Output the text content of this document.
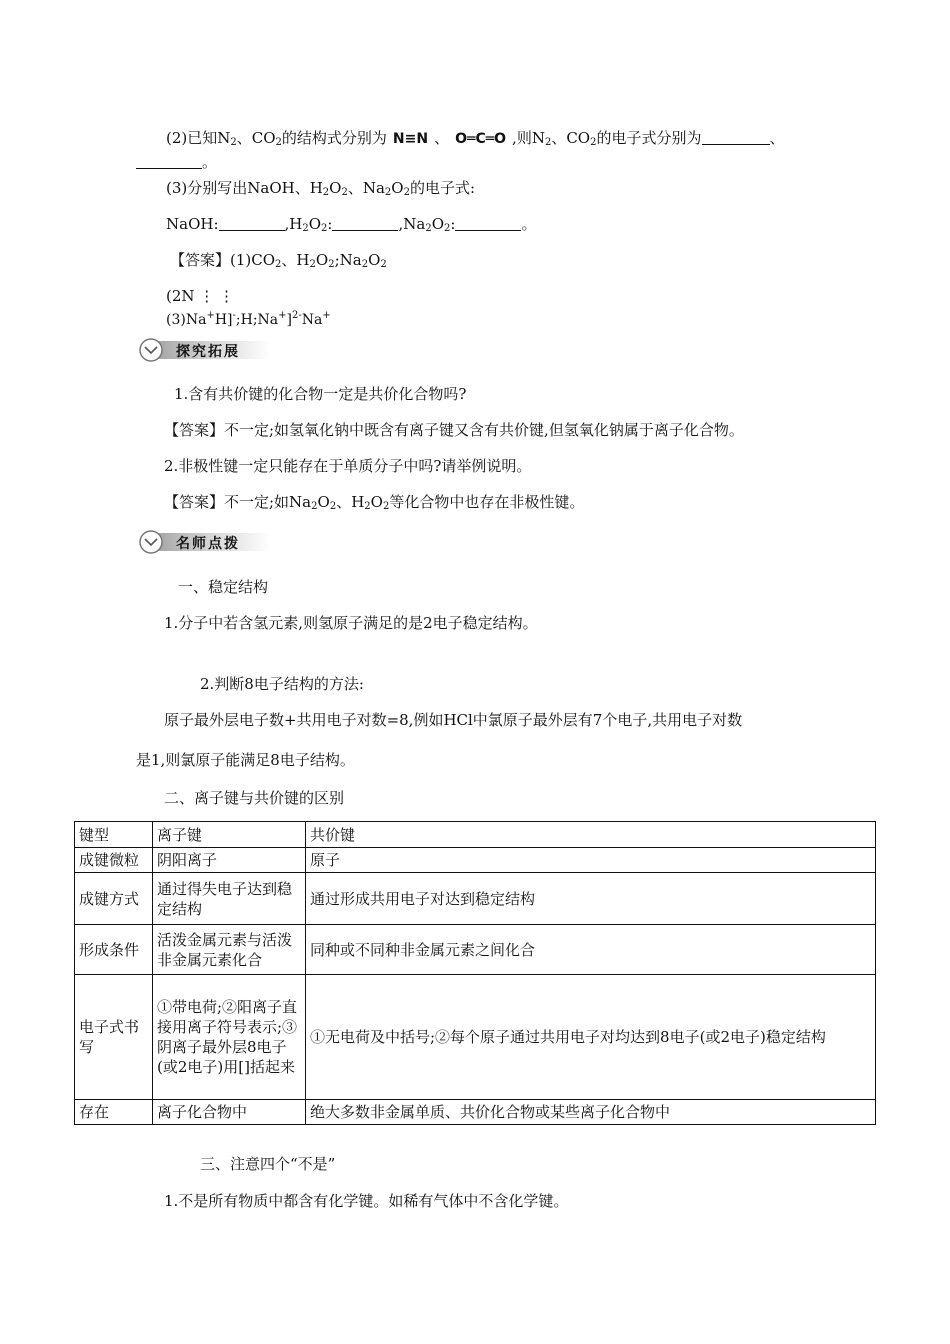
(2)已知$N_2$、$CO_2$的结构式分别为 N≡N 、 O═C═O ,则$N_2$、$CO_2$的电子式分别为	、
。
(3)分别写出NaOH、$H_2O_2$、$Na_2O_2$的电子式:
NaOH:	$,H_2O_2$:	$,Na_2O_2$:	。
【答案】$(1)CO_2$、$H_2O_2;Na_2O_2$
(2N ⋮ ⋮
(3)Na+H]-;H;Na+]$^{2-}$Na+
探究拓展
1.含有共价键的化合物一定是共价化合物吗?
【答案】不一定;如氢氧化钠中既含有离子键又含有共价键,但氢氧化钠属于离子化合物。
2.非极性键一定只能存在于单质分子中吗?请举例说明。
【答案】不一定;如$Na_2O_2$、$H_2O_2$等化合物中也存在非极性键。
名师点拨
一、稳定结构
1.分子中若含氢元素,则氢原子满足的是2电子稳定结构。
2.判断8电子结构的方法:
原子最外层电子数+共用电子对数=8,例如HCl中氯原子最外层有7个电子,共用电子对数
是1,则氯原子能满足8电子结构。
二、离子键与共价键的区别
键型	离子键	共价键
成键微粒	阴阳离子	原子
成键方式	通过得失电子达到稳定结构	通过形成共用电子对达到稳定结构
形成条件	活泼金属元素与活泼非金属元素化合	同种或不同种非金属元素之间化合
电子式书写	①带电荷;②阳离子直接用离子符号表示;③阴离子最外层8电子(或2电子)用[]括起来	①无电荷及中括号;②每个原子通过共用电子对均达到8电子(或2电子)稳定结构
存在	离子化合物中	绝大多数非金属单质、共价化合物或某些离子化合物中
三、注意四个“不是”
1.不是所有物质中都含有化学键。如稀有气体中不含化学键。
